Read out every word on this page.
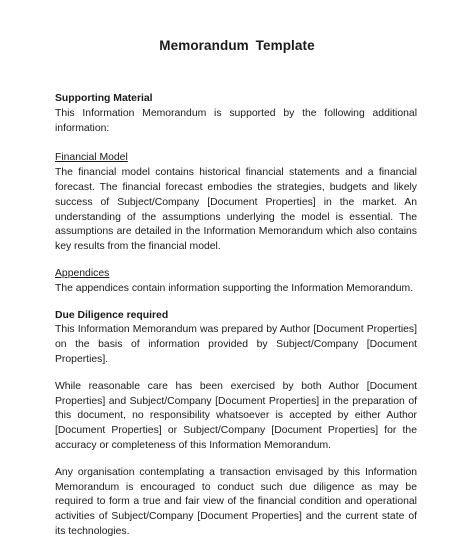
Memorandum Template
Supporting Material

This Information Memorandum is supported by the following additional information:

Financial Model

The financial model contains historical financial statements and a financial forecast. The financial forecast embodies the strategies, budgets and likely success of Subject/Company [Document Properties] in the market. An understanding of the assumptions underlying the model is essential. The assumptions are detailed in the Information Memorandum which also contains key results from the financial model.

Appendices

The appendices contain information supporting the Information Memorandum.

Due Diligence required

This Information Memorandum was prepared by Author [Document Properties] on the basis of information provided by Subject/Company [Document Properties].

While reasonable care has been exercised by both Author [Document Properties] and Subject/Company [Document Properties] in the preparation of this document, no responsibility whatsoever is accepted by either Author [Document Properties] or Subject/Company [Document Properties] for the accuracy or completeness of this Information Memorandum.

Any organisation contemplating a transaction envisaged by this Information Memorandum is encouraged to conduct such due diligence as may be required to form a true and fair view of the financial condition and operational activities of Subject/Company [Document Properties] and the current state of its technologies.
